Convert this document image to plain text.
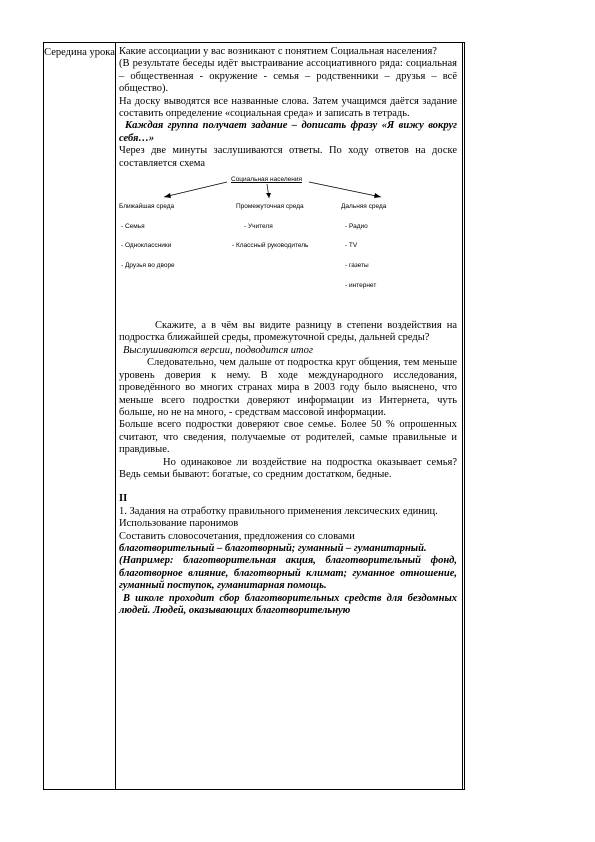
Середина урока Какие ассоциации у вас возникают с понятием Социальная населения?

(В результате беседы идёт выстраивание ассоциативного ряда: социальная – общественная - окружение - семья – родственники – друзья – всё общество).

На доску выводятся все названные слова. Затем учащимся даётся задание составить определение «социальная среда» и записать в тетрадь.

Каждая группа получает задание – дописать фразу «Я вижу вокруг себя…»

Через две минуты заслушиваются ответы. По ходу ответов на доске составляется схема

Социальная населения
Ближайшая среда
- Семья
- Одноклассники
- Друзья во дворе
Промежуточная среда
- Учителя
- Классный руководитель
Дальняя среда
- Радио
- TV
- газеты
- интернет

Скажите, а в чём вы видите разницу в степени воздействия на подростка ближайшей среды, промежуточной среды, дальней среды?

Выслушиваются версии, подводится итог

Следовательно, чем дальше от подростка круг общения, тем меньше уровень доверия к нему. В ходе международного исследования, проведённого во многих странах мира в 2003 году было выяснено, что меньше всего подростки доверяют информации из Интернета, чуть больше, но не на много, - средствам массовой информации.

Больше всего подростки доверяют свое семье. Более 50 % опрошенных считают, что сведения, получаемые от родителей, самые правильные и правдивые.

Но одинаковое ли воздействие на подростка оказывает семья? Ведь семьи бывают: богатые, со средним достатком, бедные.

II

1. Задания на отработку правильного применения лексических единиц.

Использование паронимов

Составить словосочетания, предложения со словами

благотворительный – благотворный; гуманный – гуманитарный.

(Например: благотворительная акция, благотворительный фонд, благотворное влияние, благотворный климат; гуманное отношение, гуманный поступок, гуманитарная помощь.

В школе проходит сбор благотворительных средств для бездомных людей. Людей, оказывающих благотворительную
